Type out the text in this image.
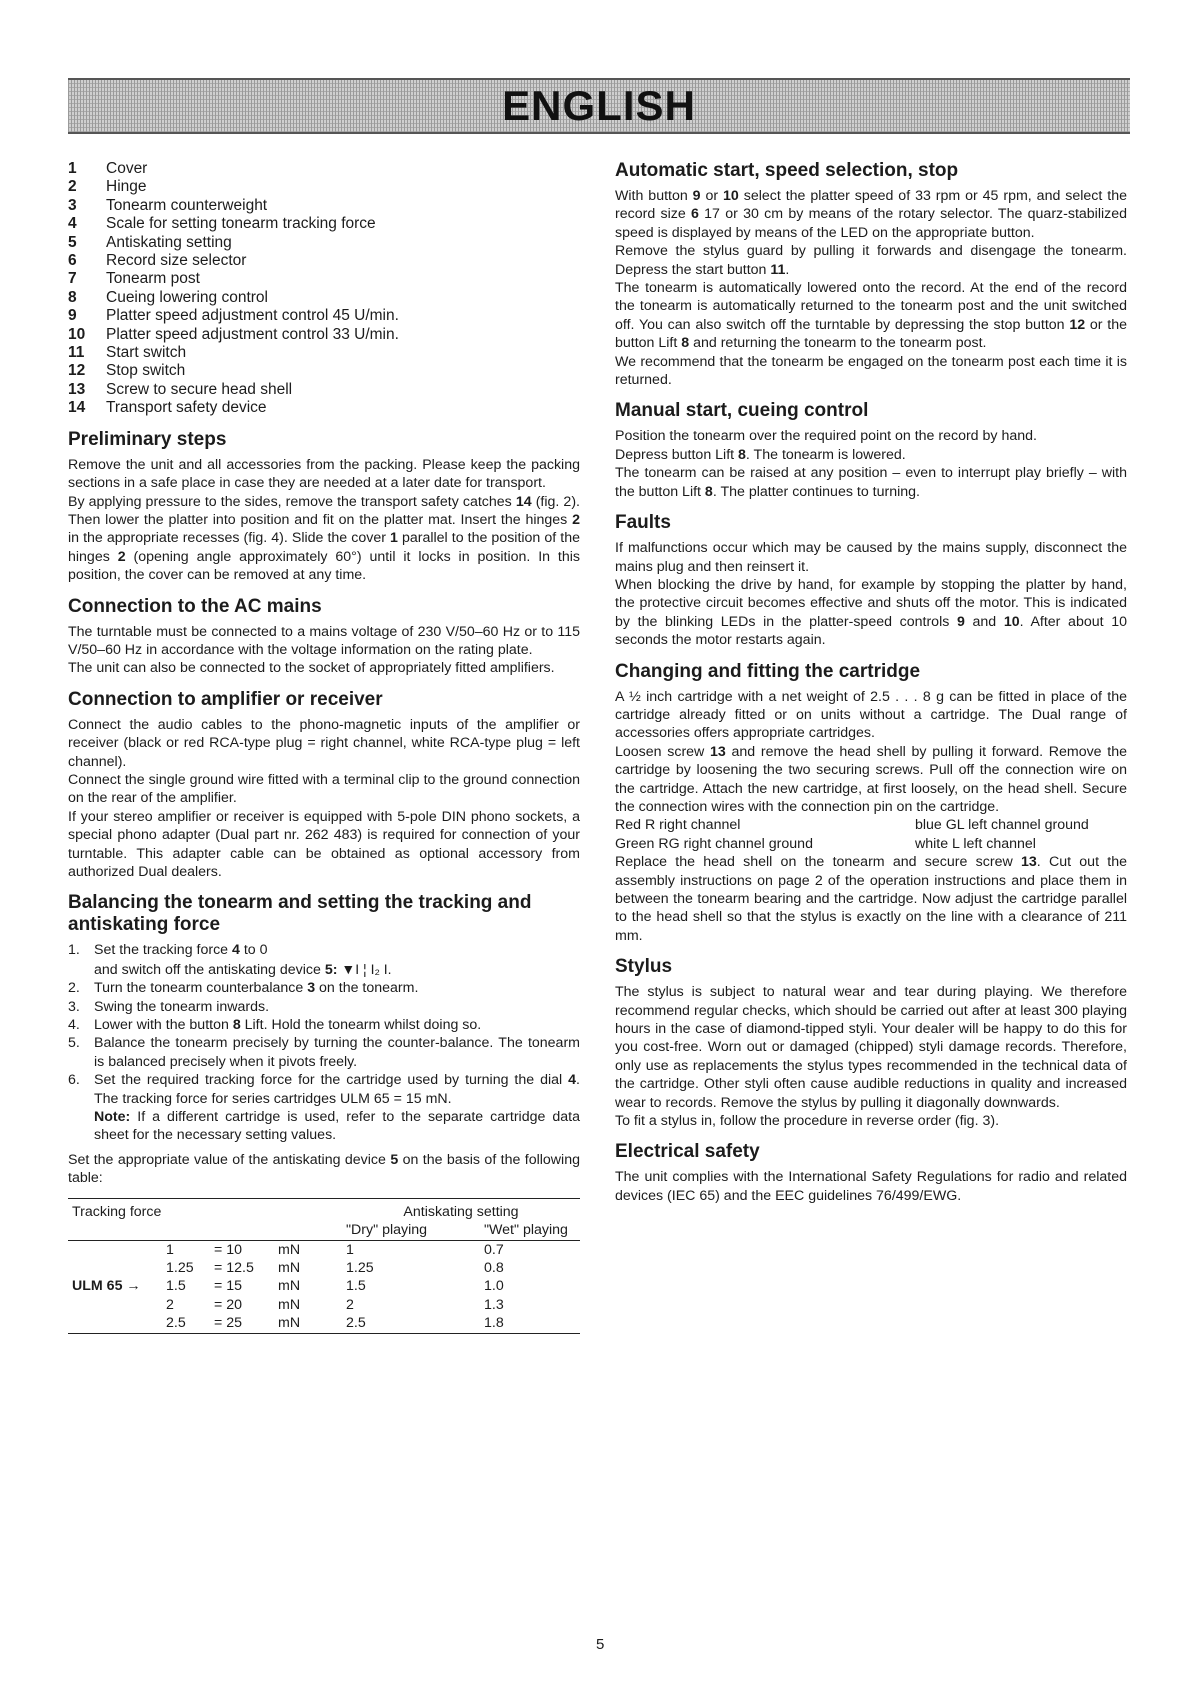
ENGLISH
1	Cover
2	Hinge
3	Tonearm counterweight
4	Scale for setting tonearm tracking force
5	Antiskating setting
6	Record size selector
7	Tonearm post
8	Cueing lowering control
9	Platter speed adjustment control 45 U/min.
10	Platter speed adjustment control 33 U/min.
11	Start switch
12	Stop switch
13	Screw to secure head shell
14	Transport safety device
Preliminary steps

Remove the unit and all accessories from the packing. Please keep the packing sections in a safe place in case they are needed at a later date for transport.

By applying pressure to the sides, remove the transport safety catches 14 (fig. 2). Then lower the platter into position and fit on the platter mat. Insert the hinges 2 in the appropriate recesses (fig. 4). Slide the cover 1 parallel to the position of the hinges 2 (opening angle approximately 60°) until it locks in position. In this position, the cover can be removed at any time.

Connection to the AC mains

The turntable must be connected to a mains voltage of 230 V/50–60 Hz or to 115 V/50–60 Hz in accordance with the voltage information on the rating plate.

The unit can also be connected to the socket of appropriately fitted amplifiers.

Connection to amplifier or receiver

Connect the audio cables to the phono-magnetic inputs of the amplifier or receiver (black or red RCA-type plug = right channel, white RCA-type plug = left channel).

Connect the single ground wire fitted with a terminal clip to the ground connection on the rear of the amplifier.

If your stereo amplifier or receiver is equipped with 5-pole DIN phono sockets, a special phono adapter (Dual part nr. 262 483) is required for connection of your turntable. This adapter cable can be obtained as optional accessory from authorized Dual dealers.

Balancing the tonearm and setting the tracking and antiskating force
1. Set the tracking force 4 to 0
and switch off the antiskating device 5: ▼I ¦ I₂ I.
2. Turn the tonearm counterbalance 3 on the tonearm.
3. Swing the tonearm inwards.
4. Lower with the button 8 Lift. Hold the tonearm whilst doing so.
5. Balance the tonearm precisely by turning the counter-balance. The tonearm is balanced precisely when it pivots freely.
6. Set the required tracking force for the cartridge used by turning the dial 4. The tracking force for series cartridges ULM 65 = 15 mN.
Note: If a different cartridge is used, refer to the separate cartridge data sheet for the necessary setting values.

Set the appropriate value of the antiskating device 5 on the basis of the following table:

Tracking force				Antiskating setting	
				"Dry" playing	"Wet" playing
	1	= 10	mN	1	0.7
	1.25	= 12.5	mN	1.25	0.8
ULM 65 →	1.5	= 15	mN	1.5	1.0
	2	= 20	mN	2	1.3
	2.5	= 25	mN	2.5	1.8
Automatic start, speed selection, stop

With button 9 or 10 select the platter speed of 33 rpm or 45 rpm, and select the record size 6 17 or 30 cm by means of the rotary selector. The quarz-stabilized speed is displayed by means of the LED on the appropriate button.

Remove the stylus guard by pulling it forwards and disengage the tonearm. Depress the start button 11.

The tonearm is automatically lowered onto the record. At the end of the record the tonearm is automatically returned to the tonearm post and the unit switched off. You can also switch off the turntable by depressing the stop button 12 or the button Lift 8 and returning the tonearm to the tonearm post.

We recommend that the tonearm be engaged on the tonearm post each time it is returned.

Manual start, cueing control

Position the tonearm over the required point on the record by hand.

Depress button Lift 8. The tonearm is lowered.

The tonearm can be raised at any position – even to interrupt play briefly – with the button Lift 8. The platter continues to turning.

Faults

If malfunctions occur which may be caused by the mains supply, disconnect the mains plug and then reinsert it.

When blocking the drive by hand, for example by stopping the platter by hand, the protective circuit becomes effective and shuts off the motor. This is indicated by the blinking LEDs in the platter-speed controls 9 and 10. After about 10 seconds the motor restarts again.

Changing and fitting the cartridge

A ½ inch cartridge with a net weight of 2.5 . . . 8 g can be fitted in place of the cartridge already fitted or on units without a cartridge. The Dual range of accessories offers appropriate cartridges.

Loosen screw 13 and remove the head shell by pulling it forward. Remove the cartridge by loosening the two securing screws. Pull off the connection wire on the cartridge. Attach the new cartridge, at first loosely, on the head shell. Secure the connection wires with the connection pin on the cartridge.

Red R right channel	blue GL left channel ground
Green RG right channel ground	white L left channel

Replace the head shell on the tonearm and secure screw 13. Cut out the assembly instructions on page 2 of the operation instructions and place them in between the tonearm bearing and the cartridge. Now adjust the cartridge parallel to the head shell so that the stylus is exactly on the line with a clearance of 211 mm.

Stylus

The stylus is subject to natural wear and tear during playing. We therefore recommend regular checks, which should be carried out after at least 300 playing hours in the case of diamond-tipped styli. Your dealer will be happy to do this for you cost-free. Worn out or damaged (chipped) styli damage records. Therefore, only use as replacements the stylus types recommended in the technical data of the cartridge. Other styli often cause audible reductions in quality and increased wear to records. Remove the stylus by pulling it diagonally downwards.

To fit a stylus in, follow the procedure in reverse order (fig. 3).

Electrical safety

The unit complies with the International Safety Regulations for radio and related devices (IEC 65) and the EEC guidelines 76/499/EWG.

5
